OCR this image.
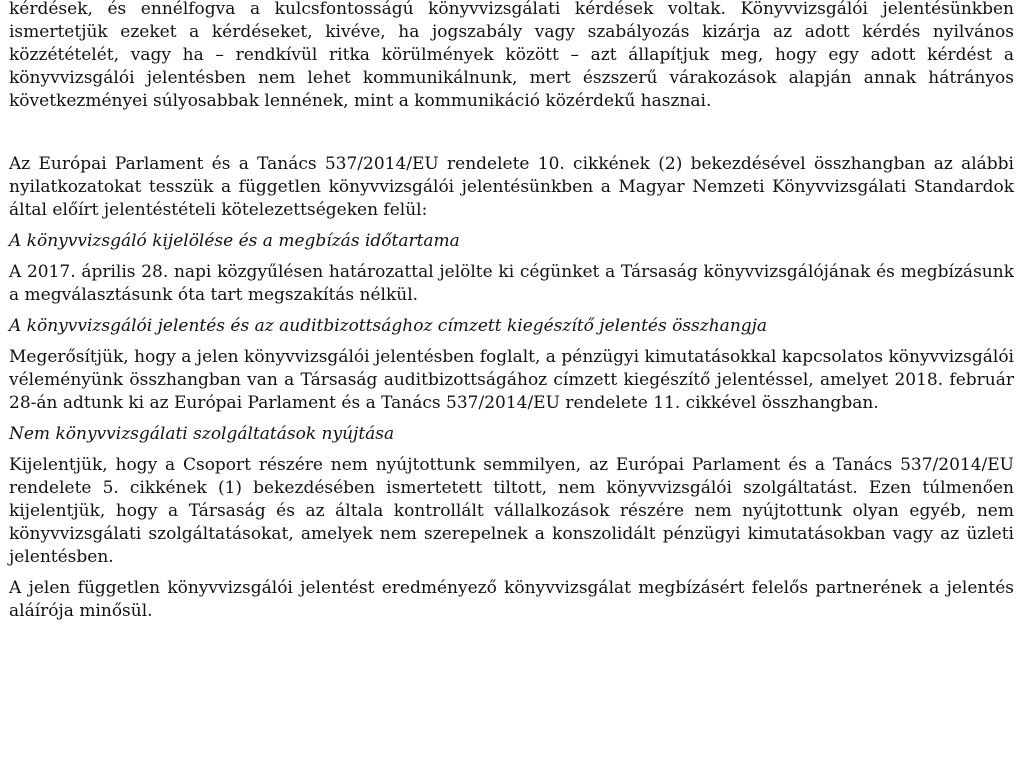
kérdések, és ennélfogva a kulcsfontosságú könyvvizsgálati kérdések voltak. Könyvvizsgálói jelentésünkben ismertetjük ezeket a kérdéseket, kivéve, ha jogszabály vagy szabályozás kizárja az adott kérdés nyilvános közzétételét, vagy ha – rendkívül ritka körülmények között – azt állapítjuk meg, hogy egy adott kérdést a könyvvizsgálói jelentésben nem lehet kommunikálnunk, mert észszerű várakozások alapján annak hátrányos következményei súlyosabbak lennének, mint a kommunikáció közérdekű hasznai.

Az Európai Parlament és a Tanács 537/2014/EU rendelete 10. cikkének (2) bekezdésével összhangban az alábbi nyilatkozatokat tesszük a független könyvvizsgálói jelentésünkben a Magyar Nemzeti Könyvvizsgálati Standardok által előírt jelentéstételi kötelezettségeken felül:

A könyvvizsgáló kijelölése és a megbízás időtartama

A 2017. április 28. napi közgyűlésen határozattal jelölte ki cégünket a Társaság könyvvizsgálójának és megbízásunk a megválasztásunk óta tart megszakítás nélkül.

A könyvvizsgálói jelentés és az auditbizottsághoz címzett kiegészítő jelentés összhangja

Megerősítjük, hogy a jelen könyvvizsgálói jelentésben foglalt, a pénzügyi kimutatásokkal kapcsolatos könyvvizsgálói véleményünk összhangban van a Társaság auditbizottságához címzett kiegészítő jelentéssel, amelyet 2018. február 28-án adtunk ki az Európai Parlament és a Tanács 537/2014/EU rendelete 11. cikkével összhangban.

Nem könyvvizsgálati szolgáltatások nyújtása

Kijelentjük, hogy a Csoport részére nem nyújtottunk semmilyen, az Európai Parlament és a Tanács 537/2014/EU rendelete 5. cikkének (1) bekezdésében ismertetett tiltott, nem könyvvizsgálói szolgáltatást. Ezen túlmenően kijelentjük, hogy a Társaság és az általa kontrollált vállalkozások részére nem nyújtottunk olyan egyéb, nem könyvvizsgálati szolgáltatásokat, amelyek nem szerepelnek a konszolidált pénzügyi kimutatásokban vagy az üzleti jelentésben.

A jelen független könyvvizsgálói jelentést eredményező könyvvizsgálat megbízásért felelős partnerének a jelentés aláírója minősül.
